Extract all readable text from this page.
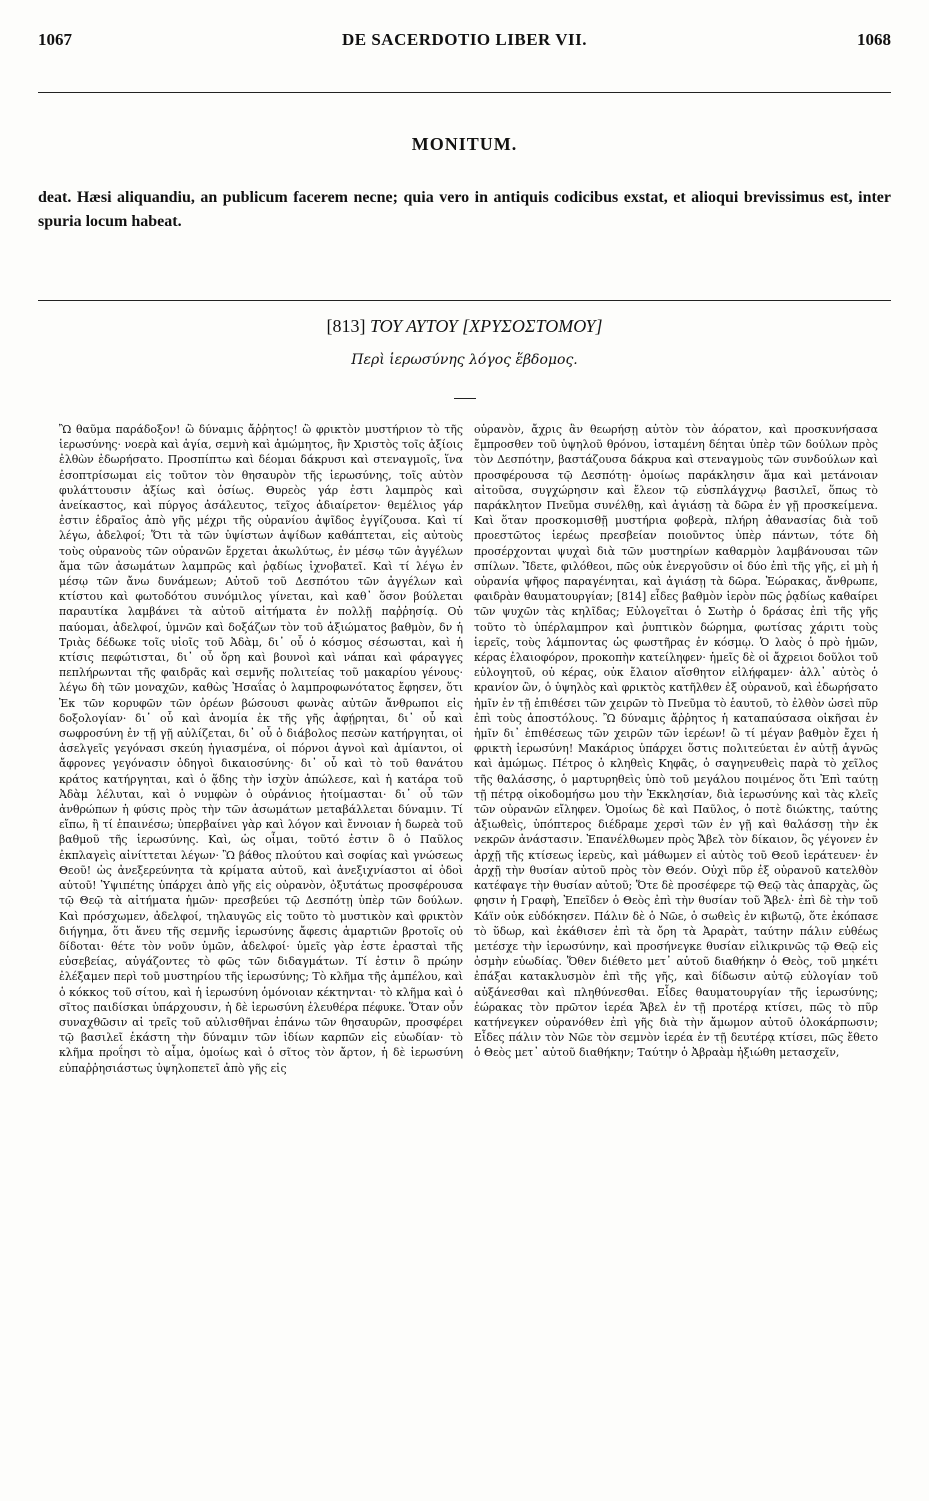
1067	DE SACERDOTIO LIBER VII.	1068
MONITUM.
deat. Hæsi aliquandiu, an publicum facerem necne; quia vero in antiquis codicibus exstat, et alioqui brevissimus est, inter spuria locum habeat.
[813] ΤΟΥ ΑΥΤΟΥ [ΧΡΥΣΟΣΤΟΜΟΥ]
Περὶ ἱερωσύνης λόγος ἕβδομος.
Ὢ θαῦμα παράδοξον! ὢ δύναμις ἄῤῥητος! ὢ φρικτὸν μυστήριον τὸ τῆς ἱερωσύνης· νοερὰ καὶ ἁγία, σεμνὴ καὶ ἀμώμητος, ἣν Χριστὸς τοῖς ἀξίοις ἐλθὼν ἐδωρήσατο. Προσπίπτω καὶ δέομαι δάκρυσι καὶ στεναγμοῖς, ἵνα ἐσοπτρίσωμαι εἰς τοῦτον τὸν θησαυρὸν τῆς ἱερωσύνης, τοῖς αὐτὸν φυλάττουσιν ἀξίως καὶ ὁσίως. Θυρεὸς γάρ ἐστι λαμπρὸς καὶ ἀνείκαστος, καὶ πύργος ἀσάλευτος, τεῖχος ἀδιαίρετον· θεμέλιος γάρ ἐστιν ἑδραῖος ἀπὸ γῆς μέχρι τῆς οὐρανίου ἀψῖδος ἐγγίζουσα. Καὶ τί λέγω, ἀδελφοί; Ὅτι τὰ τῶν ὑψίστων ἀψίδων καθάπτεται, εἰς αὐτοὺς τοὺς οὐρανοὺς τῶν οὐρανῶν ἔρχεται ἀκωλύτως, ἐν μέσῳ τῶν ἀγγέλων ἅμα τῶν ἀσωμάτων λαμπρῶς καὶ ῥᾳδίως ἰχνοβατεῖ. Καὶ τί λέγω ἐν μέσῳ τῶν ἄνω δυνάμεων; Αὐτοῦ τοῦ Δεσπότου τῶν ἀγγέλων καὶ κτίστου καὶ φωτοδότου συνόμιλος γίνεται, καὶ καθ᾽ ὅσον βούλεται παραυτίκα λαμβάνει τὰ αὐτοῦ αἰτήματα ἐν πολλῇ παῤῥησίᾳ. Οὐ παύομαι, ἀδελφοί, ὑμνῶν καὶ δοξάζων τὸν τοῦ ἀξιώματος βαθμὸν, δν ἡ Τριὰς δέδωκε τοῖς υἱοῖς τοῦ Ἀδὰμ, δι᾽ οὗ ὁ κόσμος σέσωσται, καὶ ἡ κτίσις πεφώτισται, δι᾽ οὗ ὄρη καὶ βουνοὶ καὶ νάπαι καὶ φάραγγες πεπλήρωνται τῆς φαιδρᾶς καὶ σεμνῆς πολιτείας τοῦ μακαρίου γένους· λέγω δὴ τῶν μοναχῶν, καθὼς Ἠσαΐας ὁ λαμπροφωνότατος ἔφησεν, ὅτι Ἐκ τῶν κορυφῶν τῶν ὀρέων βώσουσι φωνὰς αὐτῶν ἄνθρωποι εἰς δοξολογίαν· δι᾽ οὗ καὶ ἀνομία ἐκ τῆς γῆς ἀφῄρηται, δι᾽ οὗ καὶ σωφροσύνη ἐν τῇ γῇ αὐλίζεται, δι᾽ οὗ ὁ διάβολος πεσὼν κατήργηται, οἱ ἀσελγεῖς γεγόνασι σκεύη ἡγιασμένα, οἱ πόρνοι ἁγνοὶ καὶ ἀμίαντοι, οἱ ἄφρονες γεγόνασιν ὁδηγοὶ δικαιοσύνης· δι᾽ οὗ καὶ τὸ τοῦ θανάτου κράτος κατήργηται, καὶ ὁ ᾅδης τὴν ἰσχὺν ἀπώλεσε, καὶ ἡ κατάρα τοῦ Ἀδὰμ λέλυται, καὶ ὁ νυμφὼν ὁ οὐράνιος ἡτοίμασται· δι᾽ οὗ τῶν ἀνθρώπων ἡ φύσις πρὸς τὴν τῶν ἀσωμάτων μεταβάλλεται δύναμιν. Τί εἴπω, ἢ τί ἐπαινέσω; ὑπερβαίνει γὰρ καὶ λόγον καὶ ἔννοιαν ἡ δωρεὰ τοῦ βαθμοῦ τῆς ἱερωσύνης. Καὶ, ὡς οἶμαι, τοῦτό ἐστιν ὃ ὁ Παῦλος ἐκπλαγεὶς αἰνίττεται λέγων· Ὢ βάθος πλούτου καὶ σοφίας καὶ γνώσεως Θεοῦ! ὡς ἀνεξερεύνητα τὰ κρίματα αὐτοῦ, καὶ ἀνεξιχνίαστοι αἱ ὁδοὶ αὐτοῦ! Ὑψιπέτης ὑπάρχει ἀπὸ γῆς εἰς οὐρανὸν, ὀξυτάτως προσφέρουσα τῷ Θεῷ τὰ αἰτήματα ἡμῶν· πρεσβεύει τῷ Δεσπότῃ ὑπὲρ τῶν δούλων. Καὶ πρόσχωμεν, ἀδελφοί, τηλαυγῶς εἰς τοῦτο τὸ μυστικὸν καὶ φρικτὸν διήγημα, ὅτι ἄνευ τῆς σεμνῆς ἱερωσύνης ἄφεσις ἁμαρτιῶν βροτοῖς οὐ δίδοται· θέτε τὸν νοῦν ὑμῶν, ἀδελφοί· ὑμεῖς γὰρ ἐστε ἐρασταὶ τῆς εὐσεβείας, αὐγάζοντες τὸ φῶς τῶν διδαγμάτων. Τί ἐστιν ὃ πρώην ἐλέξαμεν περὶ τοῦ μυστηρίου τῆς ἱερωσύνης; Τὸ κλῆμα τῆς ἀμπέλου, καὶ ὁ κόκκος τοῦ σίτου, καὶ ἡ ἱερωσύνη ὁμόνοιαν κέκτηνται· τὸ κλῆμα καὶ ὁ σῖτος παιδίσκαι ὑπάρχουσιν, ἡ δὲ ἱερωσύνη ἐλευθέρα πέφυκε. Ὅταν οὖν συναχθῶσιν αἱ τρεῖς τοῦ αὐλισθῆναι ἐπάνω τῶν θησαυρῶν, προσφέρει τῷ βασιλεῖ ἑκάστη τὴν δύναμιν τῶν ἰδίων καρπῶν εἰς εὐωδίαν· τὸ κλῆμα προΐησι τὸ αἷμα, ὁμοίως καὶ ὁ σῖτος τὸν ἄρτον, ἡ δὲ ἱερωσύνη εὐπαῤῥησιάστως ὑψηλοπετεῖ ἀπὸ γῆς εἰς
οὐρανὸν, ἄχρις ἂν θεωρήσῃ αὐτὸν τὸν ἀόρατον, καὶ προσκυνήσασα ἔμπροσθεν τοῦ ὑψηλοῦ θρόνου, ἱσταμένη δέηται ὑπὲρ τῶν δούλων πρὸς τὸν Δεσπότην, βαστάζουσα δάκρυα καὶ στεναγμοὺς τῶν συνδούλων καὶ προσφέρουσα τῷ Δεσπότῃ· ὁμοίως παράκλησιν ἅμα καὶ μετάνοιαν αἰτοῦσα, συγχώρησιν καὶ ἔλεον τῷ εὐσπλάγχνῳ βασιλεῖ, ὅπως τὸ παράκλητον Πνεῦμα συνέλθῃ, καὶ ἁγιάσῃ τὰ δῶρα ἐν γῇ προσκείμενα. Καὶ ὅταν προσκομισθῇ μυστήρια φοβερὰ, πλήρη ἀθανασίας διὰ τοῦ προεστῶτος ἱερέως πρεσβείαν ποιοῦντος ὑπὲρ πάντων, τότε δὴ προσέρχονται ψυχαὶ διὰ τῶν μυστηρίων καθαρμὸν λαμβάνουσαι τῶν σπίλων. Ἴδετε, φιλόθεοι, πῶς οὐκ ἐνεργοῦσιν οἱ δύο ἐπὶ τῆς γῆς, εἰ μὴ ἡ οὐρανία ψῆφος παραγένηται, καὶ ἁγιάσῃ τὰ δῶρα. Ἑώρακας, ἄνθρωπε, φαιδρὰν θαυματουργίαν; [814] εἶδες βαθμὸν ἱερὸν πῶς ῥᾳδίως καθαίρει τῶν ψυχῶν τὰς κηλῖδας; Εὐλογεῖται ὁ Σωτὴρ ὁ δράσας ἐπὶ τῆς γῆς τοῦτο τὸ ὑπέρλαμπρον καὶ ῥυπτικὸν δώρημα, φωτίσας χάριτι τοὺς ἱερεῖς, τοὺς λάμποντας ὡς φωστῆρας ἐν κόσμῳ. Ὁ λαὸς ὁ πρὸ ἡμῶν, κέρας ἐλαιοφόρον, προκοπὴν κατείληφεν· ἡμεῖς δὲ οἱ ἄχρειοι δοῦλοι τοῦ εὐλογητοῦ, οὐ κέρας, οὐκ ἔλαιον αἴσθητον εἰλήφαμεν· ἀλλ᾽ αὐτὸς ὁ κρανίον ὢν, ὁ ὑψηλὸς καὶ φρικτὸς κατῆλθεν ἐξ οὐρανοῦ, καὶ ἐδωρήσατο ἡμῖν ἐν τῇ ἐπιθέσει τῶν χειρῶν τὸ Πνεῦμα τὸ ἑαυτοῦ, τὸ ἐλθὸν ὡσεὶ πῦρ ἐπὶ τοὺς ἀποστόλους. Ὢ δύναμις ἄῤῥητος ἡ καταπαύσασα οἰκῆσαι ἐν ἡμῖν δι᾽ ἐπιθέσεως τῶν χειρῶν τῶν ἱερέων! ὢ τί μέγαν βαθμὸν ἔχει ἡ φρικτὴ ἱερωσύνη! Μακάριος ὑπάρχει ὅστις πολιτεύεται ἐν αὐτῇ ἁγνῶς καὶ ἀμώμως. Πέτρος ὁ κληθεὶς Κηφᾶς, ὁ σαγηνευθεὶς παρὰ τὸ χεῖλος τῆς θαλάσσης, ὁ μαρτυρηθεὶς ὑπὸ τοῦ μεγάλου ποιμένος ὅτι Ἐπὶ ταύτῃ τῇ πέτρᾳ οἰκοδομήσω μου τὴν Ἐκκλησίαν, διὰ ἱερωσύνης καὶ τὰς κλεῖς τῶν οὐρανῶν εἴληφεν. Ὁμοίως δὲ καὶ Παῦλος, ὁ ποτὲ διώκτης, ταύτης ἀξιωθεὶς, ὑπόπτερος διέδραμε χερσὶ τῶν ἐν γῇ καὶ θαλάσσῃ τὴν ἐκ νεκρῶν ἀνάστασιν. Ἐπανέλθωμεν πρὸς Ἄβελ τὸν δίκαιον, ὃς γέγονεν ἐν ἀρχῇ τῆς κτίσεως ἱερεὺς, καὶ μάθωμεν εἰ αὐτὸς τοῦ Θεοῦ ἱεράτευεν· ἐν ἀρχῇ τὴν θυσίαν αὐτοῦ πρὸς τὸν Θεόν. Οὐχὶ πῦρ ἐξ οὐρανοῦ κατελθὸν κατέφαγε τὴν θυσίαν αὐτοῦ; Ὅτε δὲ προσέφερε τῷ Θεῷ τὰς ἀπαρχὰς, ὥς φησιν ἡ Γραφὴ, Ἐπεῖδεν ὁ Θεὸς ἐπὶ τὴν θυσίαν τοῦ Ἄβελ· ἐπὶ δὲ τὴν τοῦ Κάϊν οὐκ εὐδόκησεν. Πάλιν δὲ ὁ Νῶε, ὁ σωθεὶς ἐν κιβωτῷ, ὅτε ἐκόπασε τὸ ὕδωρ, καὶ ἐκάθισεν ἐπὶ τὰ ὄρη τὰ Ἀραρὰτ, ταύτην πάλιν εὐθέως μετέσχε τὴν ἱερωσύνην, καὶ προσήνεγκε θυσίαν εἰλικρινῶς τῷ Θεῷ εἰς ὀσμὴν εὐωδίας. Ὅθεν διέθετο μετ᾽ αὐτοῦ διαθήκην ὁ Θεὸς, τοῦ μηκέτι ἐπάξαι κατακλυσμὸν ἐπὶ τῆς γῆς, καὶ δίδωσιν αὐτῷ εὐλογίαν τοῦ αὐξάνεσθαι καὶ πληθύνεσθαι. Εἶδες θαυματουργίαν τῆς ἱερωσύνης; ἑώρακας τὸν πρῶτον ἱερέα Ἄβελ ἐν τῇ προτέρᾳ κτίσει, πῶς τὸ πῦρ κατήνεγκεν οὐρανόθεν ἐπὶ γῆς διὰ τὴν ἄμωμον αὐτοῦ ὁλοκάρπωσιν; Εἶδες πάλιν τὸν Νῶε τὸν σεμνὸν ἱερέα ἐν τῇ δευτέρᾳ κτίσει, πῶς ἔθετο ὁ Θεὸς μετ᾽ αὐτοῦ διαθήκην; Ταύτην ὁ Ἀβραὰμ ἠξιώθη μετασχεῖν,
